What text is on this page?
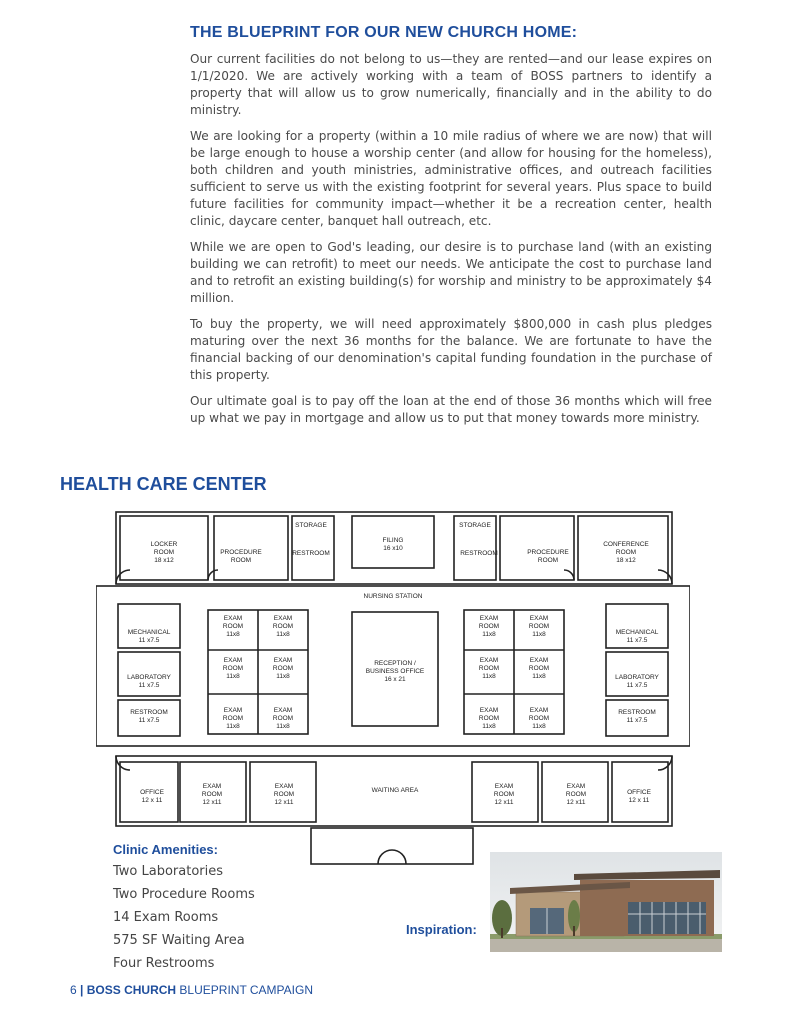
THE BLUEPRINT FOR OUR NEW CHURCH HOME:

Our current facilities do not belong to us—they are rented—and our lease expires on 1/1/2020. We are actively working with a team of BOSS partners to identify a property that will allow us to grow numerically, financially and in the ability to do ministry.

We are looking for a property (within a 10 mile radius of where we are now) that will be large enough to house a worship center (and allow for housing for the homeless), both children and youth ministries, administrative offices, and outreach facilities sufficient to serve us with the existing footprint for several years. Plus space to build future facilities for community impact—whether it be a recreation center, health clinic, daycare center, banquet hall outreach, etc.

While we are open to God's leading, our desire is to purchase land (with an existing building we can retrofit) to meet our needs. We anticipate the cost to purchase land and to retrofit an existing building(s) for worship and ministry to be approximately $4 million.

To buy the property, we will need approximately $800,000 in cash plus pledges maturing over the next 36 months for the balance. We are fortunate to have the financial backing of our denomination's capital funding foundation in the purchase of this property.

Our ultimate goal is to pay off the loan at the end of those 36 months which will free up what we pay in mortgage and allow us to put that money towards more ministry.

HEALTH CARE CENTER
LOCKER
ROOM
18 x12
PROCEDURE
ROOM
STORAGE
RESTROOM
FILING
16 x10
STORAGE
RESTROOM	PROCEDURE
ROOM
CONFERENCE
ROOM
18 x12
NURSING STATION
MECHANICAL
11 x7.5
LABORATORY
11 x7.5
RESTROOM
11 x7.5
MECHANICAL
11 x7.5
LABORATORY
11 x7.5
RESTROOM
11 x7.5
EXAM
ROOM
11x8
EXAM
ROOM
11x8
EXAM
ROOM
11x8
EXAM
ROOM
11x8
EXAM
ROOM
11x8
EXAM
ROOM
11x8
RECEPTION /
BUSINESS OFFICE
16 x 21
EXAM
ROOM
11x8
EXAM
ROOM
11x8
EXAM
ROOM
11x8
EXAM
ROOM
11x8
EXAM
ROOM
11x8
EXAM
ROOM
11x8
OFFICE
12 x 11
EXAM
ROOM
12 x11
EXAM
ROOM
12 x11
WAITING AREA
EXAM
ROOM
12 x11
EXAM
ROOM
12 x11
OFFICE
12 x 11
Clinic Amenities:
Two Laboratories
Two Procedure Rooms
14 Exam Rooms
575 SF Waiting Area
Four Restrooms
Inspiration:
6 | BOSS CHURCH BLUEPRINT CAMPAIGN
